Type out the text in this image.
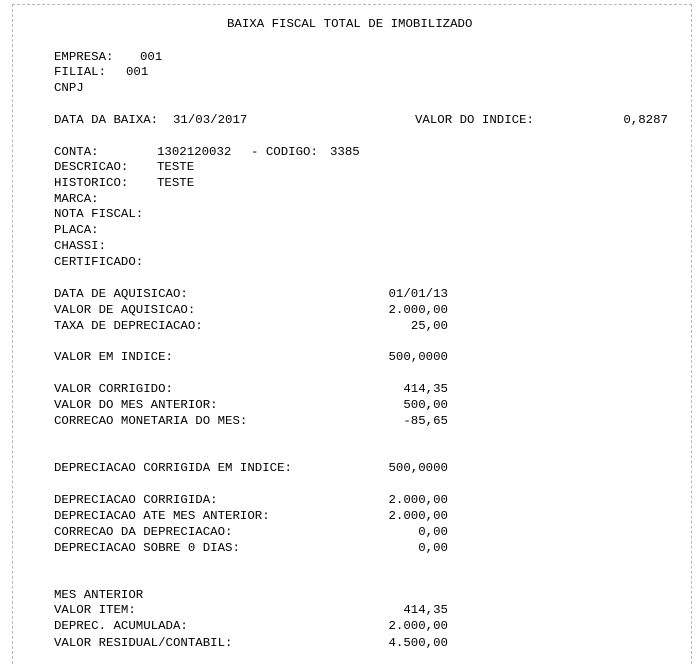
BAIXA FISCAL TOTAL DE IMOBILIZADO
EMPRESA: 001
FILIAL: 001
CNPJ
DATA DA BAIXA: 31/03/2017	VALOR DO INDICE:	0,8287
CONTA:	1302120032 - CODIGO: 3385
DESCRICAO: TESTE
HISTORICO: TESTE
MARCA:
NOTA FISCAL:
PLACA:
CHASSI:
CERTIFICADO:
DATA DE AQUISICAO:	01/01/13
VALOR DE AQUISICAO:	2.000,00
TAXA DE DEPRECIACAO:	25,00
VALOR EM INDICE:	500,0000
VALOR CORRIGIDO:	414,35
VALOR DO MES ANTERIOR:	500,00
CORRECAO MONETARIA DO MES:	-85,65
DEPRECIACAO CORRIGIDA EM INDICE:	500,0000
DEPRECIACAO CORRIGIDA:	2.000,00
DEPRECIACAO ATE MES ANTERIOR:	2.000,00
CORRECAO DA DEPRECIACAO:	0,00
DEPRECIACAO SOBRE 0 DIAS:	0,00
MES ANTERIOR
VALOR ITEM:	414,35
DEPREC. ACUMULADA:	2.000,00
VALOR RESIDUAL/CONTABIL:	4.500,00
